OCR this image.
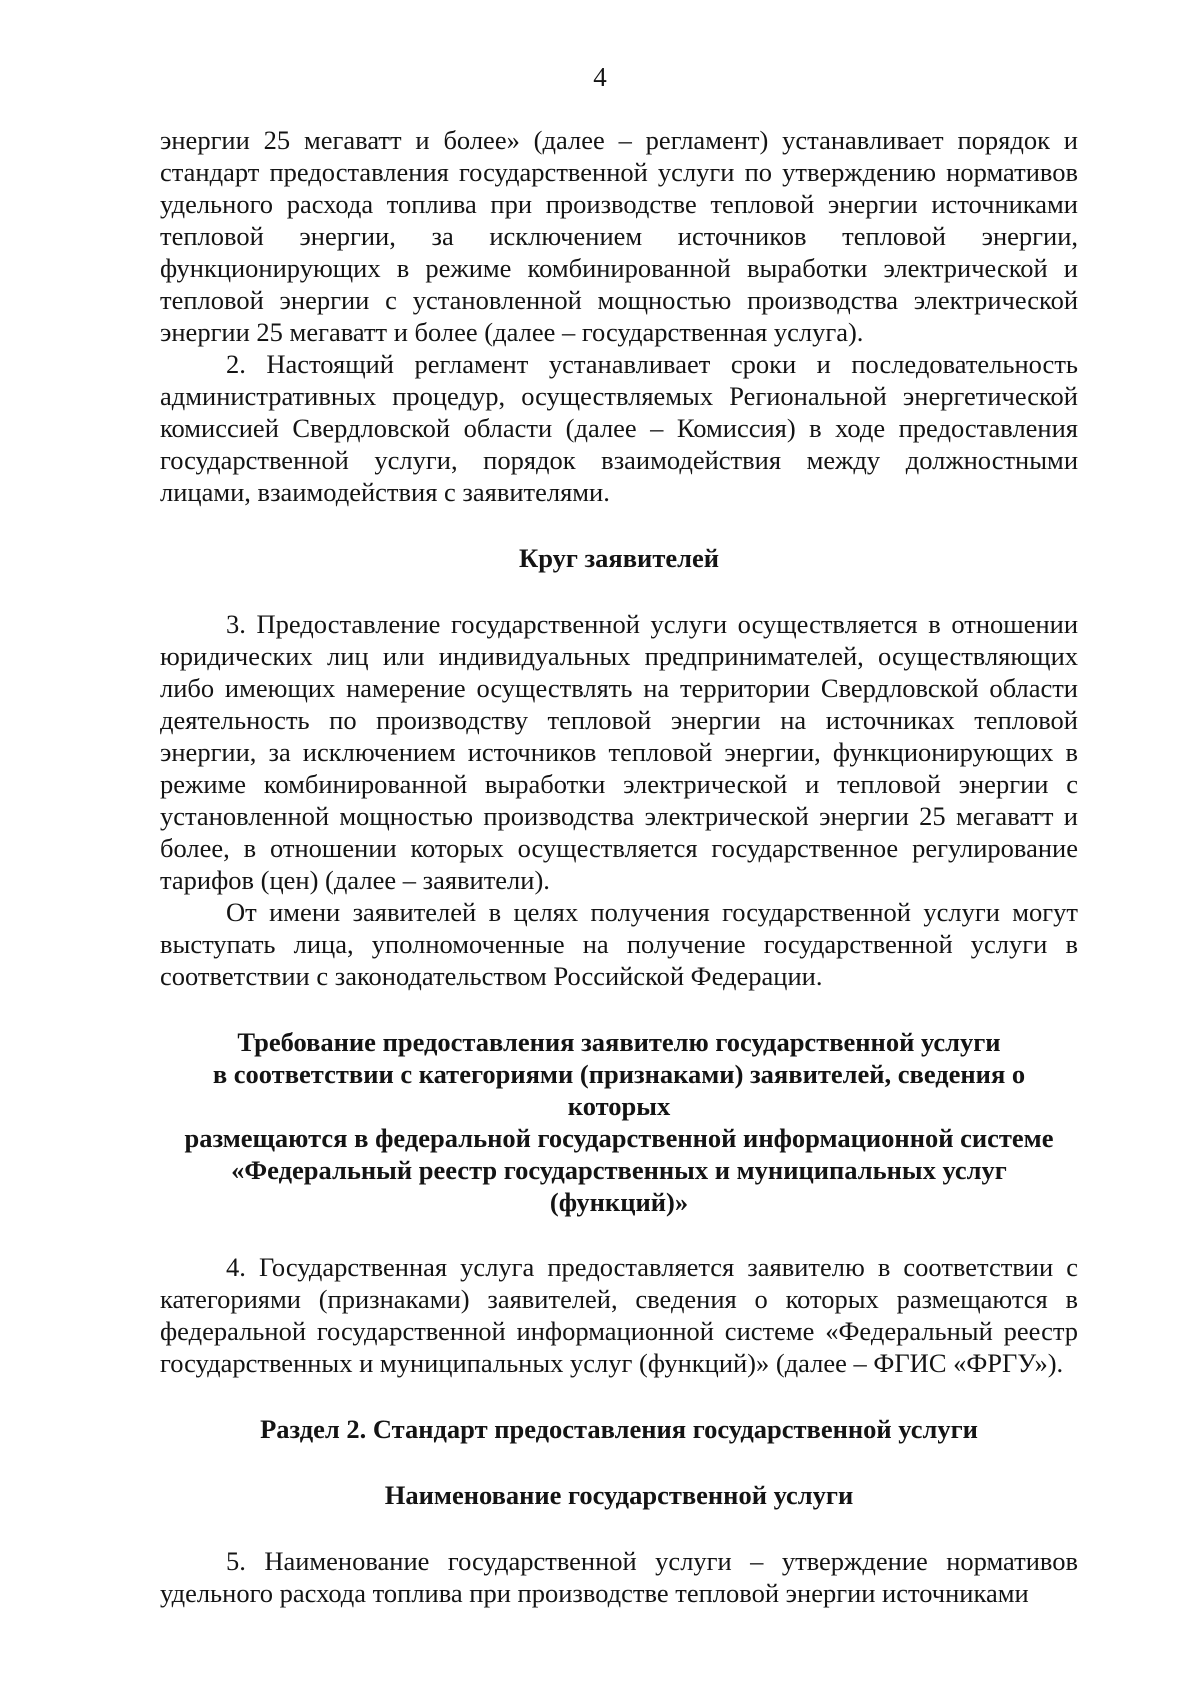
4

энергии 25 мегаватт и более» (далее – регламент) устанавливает порядок и стандарт предоставления государственной услуги по утверждению нормативов удельного расхода топлива при производстве тепловой энергии источниками тепловой энергии, за исключением источников тепловой энергии, функционирующих в режиме комбинированной выработки электрической и тепловой энергии с установленной мощностью производства электрической энергии 25 мегаватт и более (далее – государственная услуга).

2. Настоящий регламент устанавливает сроки и последовательность административных процедур, осуществляемых Региональной энергетической комиссией Свердловской области (далее – Комиссия) в ходе предоставления государственной услуги, порядок взаимодействия между должностными лицами, взаимодействия с заявителями.

Круг заявителей

3. Предоставление государственной услуги осуществляется в отношении юридических лиц или индивидуальных предпринимателей, осуществляющих либо имеющих намерение осуществлять на территории Свердловской области деятельность по производству тепловой энергии на источниках тепловой энергии, за исключением источников тепловой энергии, функционирующих в режиме комбинированной выработки электрической и тепловой энергии с установленной мощностью производства электрической энергии 25 мегаватт и более, в отношении которых осуществляется государственное регулирование тарифов (цен) (далее – заявители).

От имени заявителей в целях получения государственной услуги могут выступать лица, уполномоченные на получение государственной услуги в соответствии с законодательством Российской Федерации.

Требование предоставления заявителю государственной услуги
в соответствии с категориями (признаками) заявителей, сведения о которых
размещаются в федеральной государственной информационной системе
«Федеральный реестр государственных и муниципальных услуг (функций)»

4. Государственная услуга предоставляется заявителю в соответствии с категориями (признаками) заявителей, сведения о которых размещаются в федеральной государственной информационной системе «Федеральный реестр государственных и муниципальных услуг (функций)» (далее – ФГИС «ФРГУ»).

Раздел 2. Стандарт предоставления государственной услуги
Наименование государственной услуги

5. Наименование государственной услуги – утверждение нормативов удельного расхода топлива при производстве тепловой энергии источниками
